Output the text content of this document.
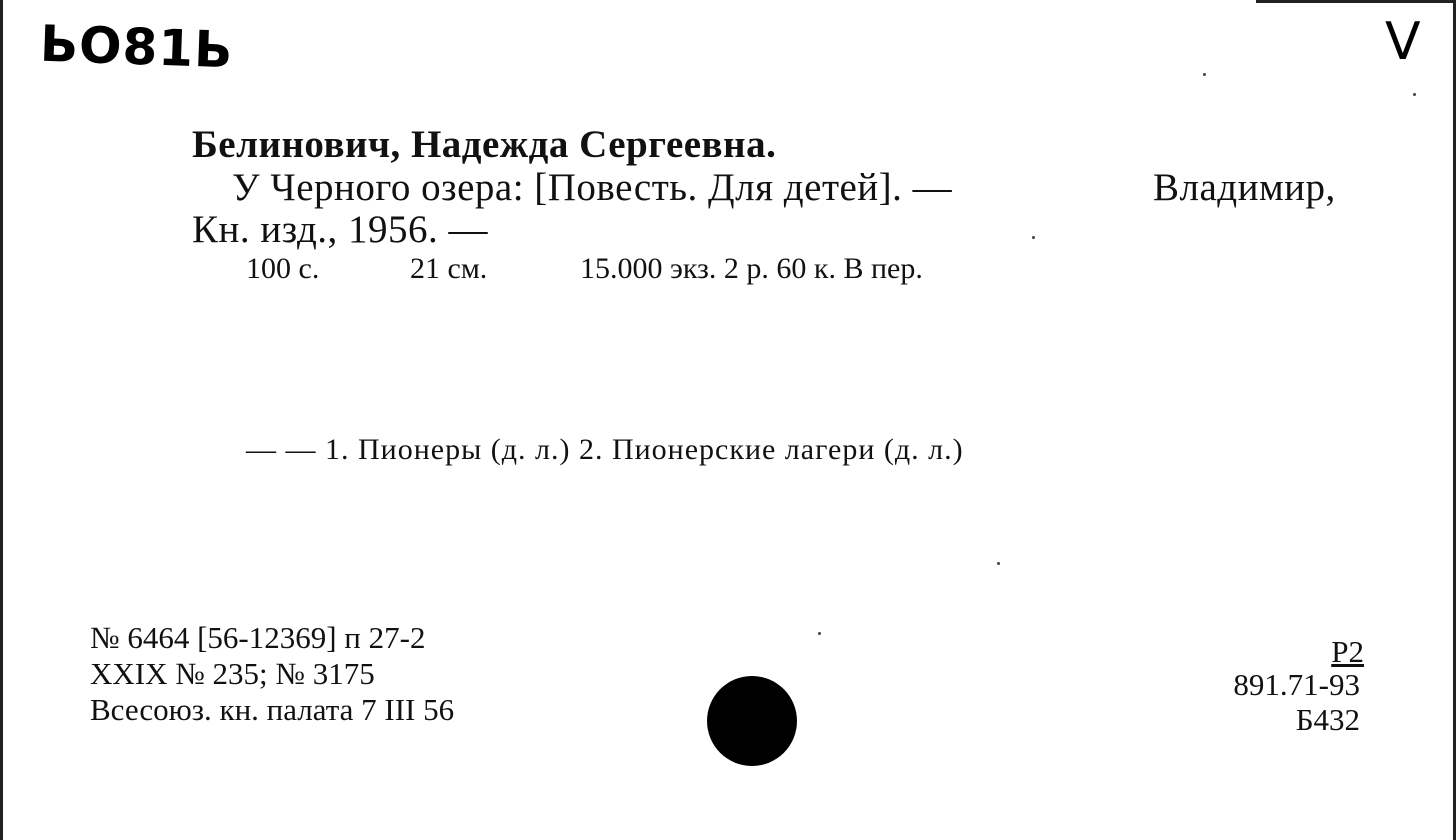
ЬО81Ь	V
Белинович, Надежда Сергеевна.
У Черного озера: [Повесть. Для детей]. —	Владимир,
Кн. изд., 1956. —
100 с.	21 см.	15.000 экз. 2 р. 60 к. В пер.
— — 1. Пионеры (д. л.) 2. Пионерские лагери (д. л.)
№ 6464 [56-12369] п 27-2
XXIX № 235; № 3175
Всесоюз. кн. палата 7 III 56
Р2
891.71-93
Б432
